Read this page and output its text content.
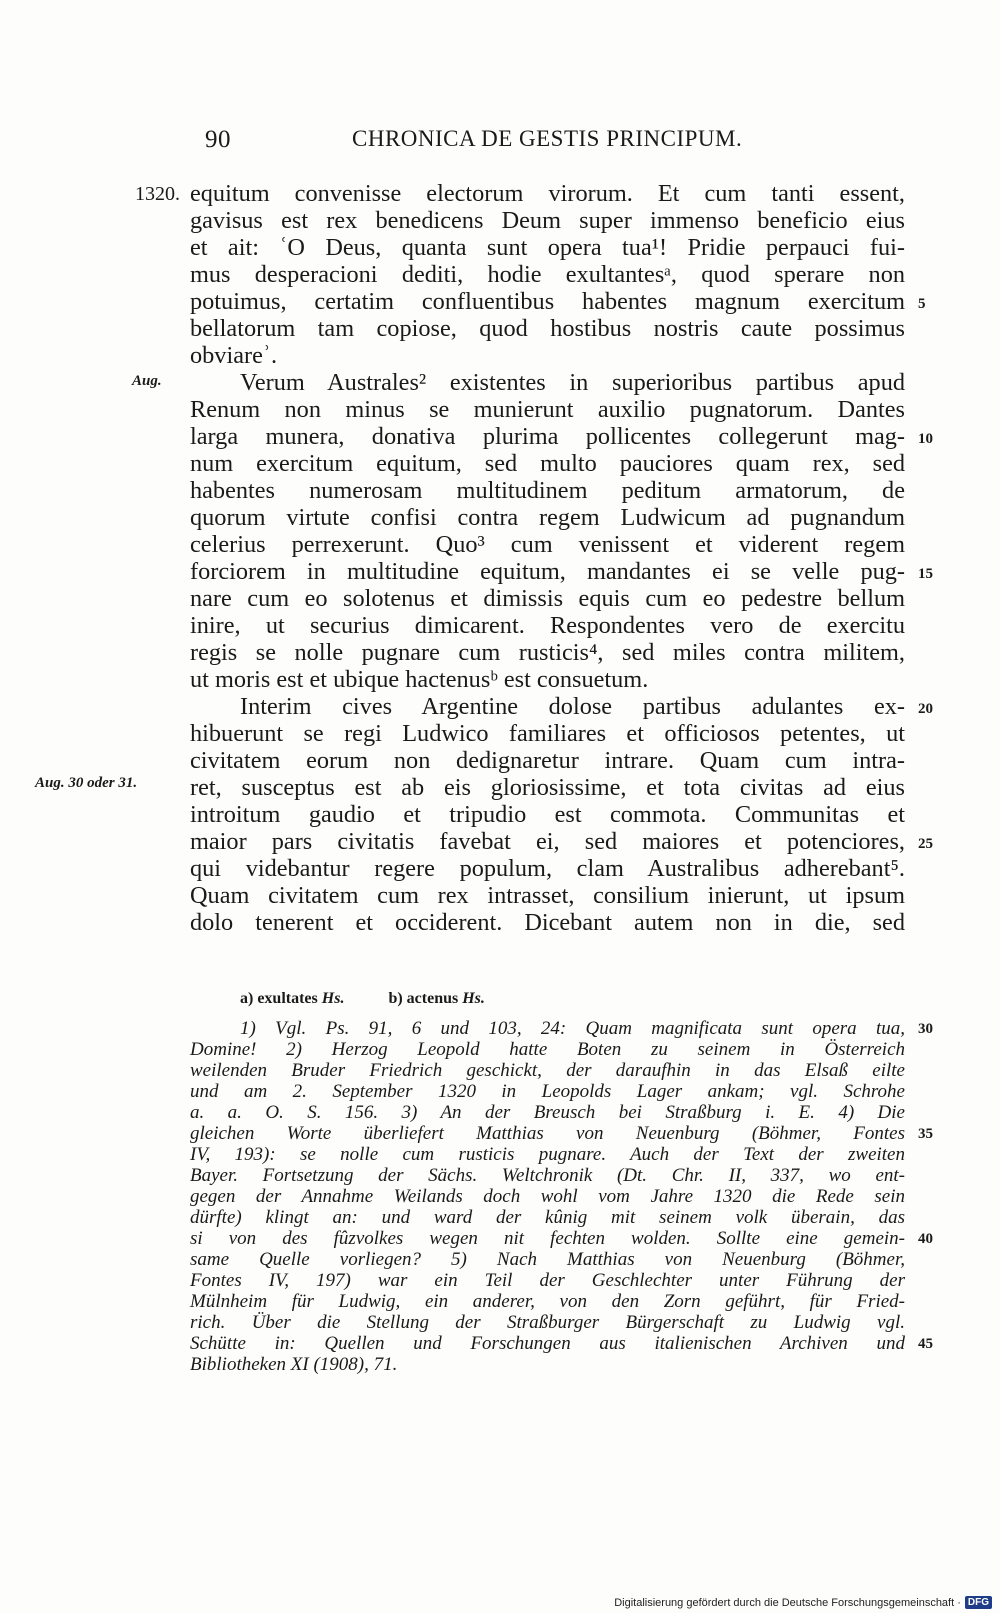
90	CHRONICA DE GESTIS PRINCIPUM.
1320.
Aug.
Aug. 30 oder 31.
equitum convenisse electorum virorum. Et cum tanti essent,
gavisus est rex benedicens Deum super immenso beneficio eius
et ait: ʿO Deus, quanta sunt opera tua¹! Pridie perpauci fui-
mus desperacioni dediti, hodie exultantesᵃ, quod sperare non
potuimus, certatim confluentibus habentes magnum exercitum
bellatorum tam copiose, quod hostibus nostris caute possimus
obviareʾ.
Verum Australes² existentes in superioribus partibus apud
Renum non minus se munierunt auxilio pugnatorum. Dantes
larga munera, donativa plurima pollicentes collegerunt mag-
num exercitum equitum, sed multo pauciores quam rex, sed
habentes numerosam multitudinem peditum armatorum, de
quorum virtute confisi contra regem Ludwicum ad pugnandum
celerius perrexerunt. Quo³ cum venissent et viderent regem
forciorem in multitudine equitum, mandantes ei se velle pug-
nare cum eo solotenus et dimissis equis cum eo pedestre bellum
inire, ut securius dimicarent. Respondentes vero de exercitu
regis se nolle pugnare cum rusticis⁴, sed miles contra militem,
ut moris est et ubique hactenusᵇ est consuetum.
Interim cives Argentine dolose partibus adulantes ex-
hibuerunt se regi Ludwico familiares et officiosos petentes, ut
civitatem eorum non dedignaretur intrare. Quam cum intra-
ret, susceptus est ab eis gloriosissime, et tota civitas ad eius
introitum gaudio et tripudio est commota. Communitas et
maior pars civitatis favebat ei, sed maiores et potenciores,
qui videbantur regere populum, clam Australibus adherebant⁵.
Quam civitatem cum rex intrasset, consilium inierunt, ut ipsum
dolo tenerent et occiderent. Dicebant autem non in die, sed
5
10
15
20
25
a) exultates Hs.	b) actenus Hs.
1) Vgl. Ps. 91, 6 und 103, 24: Quam magnificata sunt opera tua,
Domine! 2) Herzog Leopold hatte Boten zu seinem in Österreich
weilenden Bruder Friedrich geschickt, der daraufhin in das Elsaß eilte
und am 2. September 1320 in Leopolds Lager ankam; vgl. Schrohe
a. a. O. S. 156. 3) An der Breusch bei Straßburg i. E. 4) Die
gleichen Worte überliefert Matthias von Neuenburg (Böhmer, Fontes
IV, 193): se nolle cum rusticis pugnare. Auch der Text der zweiten
Bayer. Fortsetzung der Sächs. Weltchronik (Dt. Chr. II, 337, wo ent-
gegen der Annahme Weilands doch wohl vom Jahre 1320 die Rede sein
dürfte) klingt an: und ward der kûnig mit seinem volk überain, das
si von des fûzvolkes wegen nit fechten wolden. Sollte eine gemein-
same Quelle vorliegen? 5) Nach Matthias von Neuenburg (Böhmer,
Fontes IV, 197) war ein Teil der Geschlechter unter Führung der
Mülnheim für Ludwig, ein anderer, von den Zorn geführt, für Fried-
rich. Über die Stellung der Straßburger Bürgerschaft zu Ludwig vgl.
Schütte in: Quellen und Forschungen aus italienischen Archiven und
Bibliotheken XI (1908), 71.
30
35
40
45
Digitalisierung gefördert durch die Deutsche Forschungsgemeinschaft · DFG
